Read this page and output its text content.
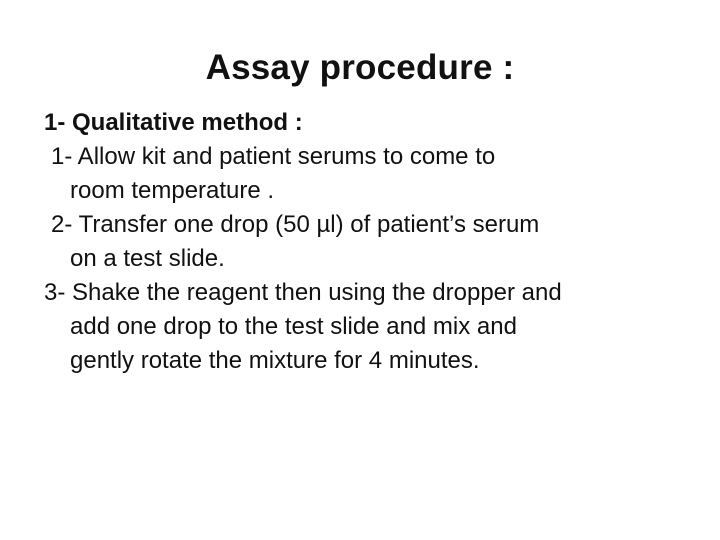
Assay procedure :

1- Qualitative method :

1- Allow kit and patient serums to come to
room temperature .

2- Transfer one drop (50 µl) of patient’s serum
on a test slide.

3- Shake the reagent then using the dropper and
add one drop to the test slide and mix and
gently rotate the mixture for 4 minutes.
